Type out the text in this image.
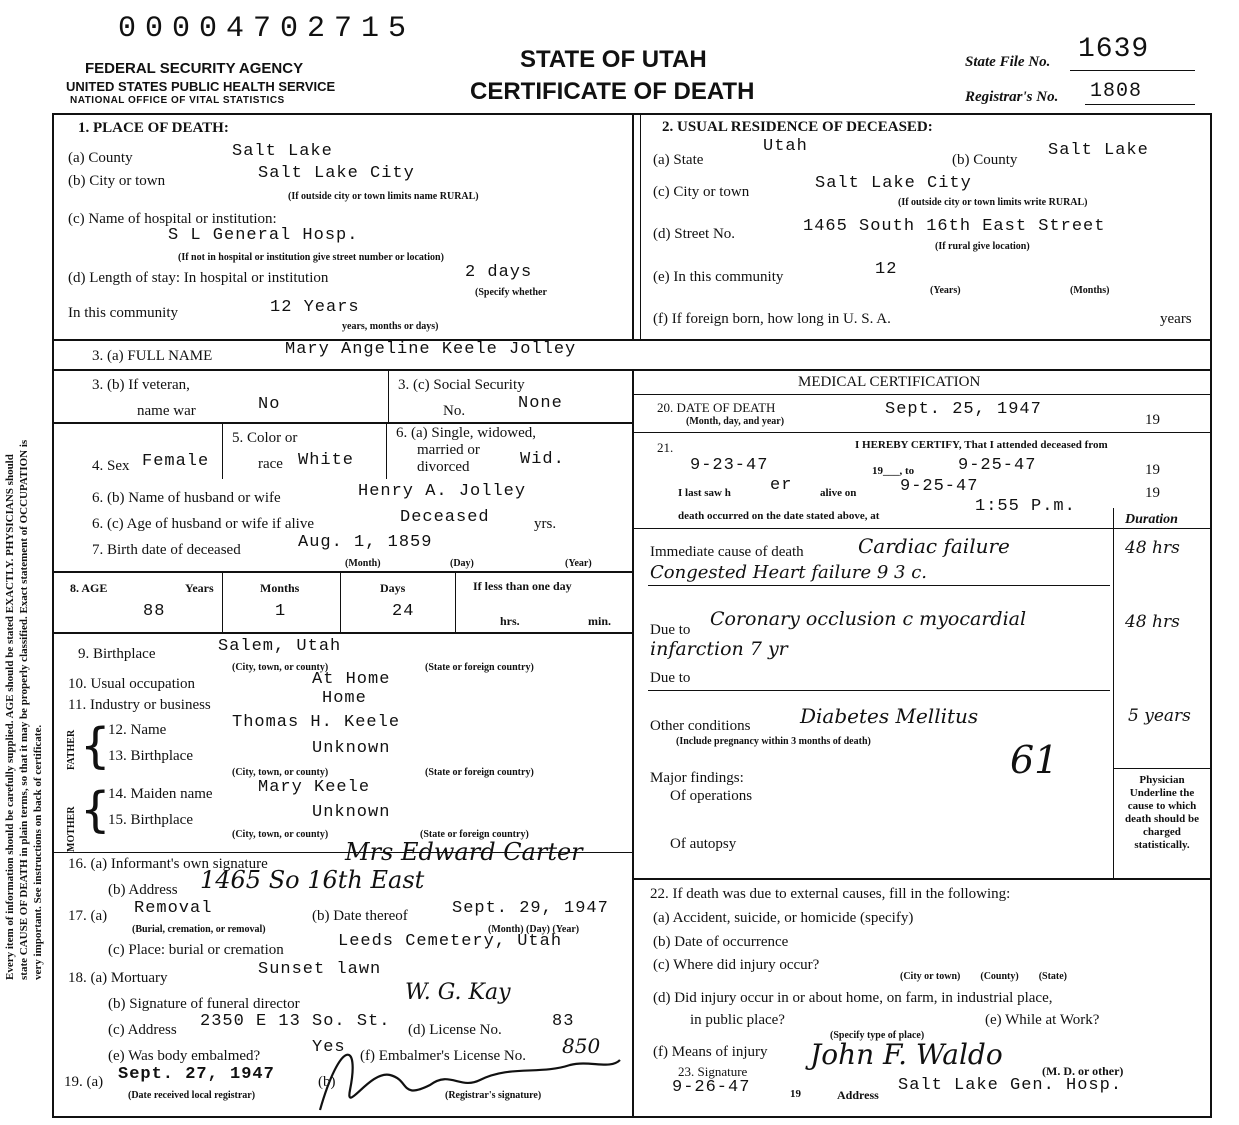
00004702715
FEDERAL SECURITY AGENCY
UNITED STATES PUBLIC HEALTH SERVICE
NATIONAL OFFICE OF VITAL STATISTICS
STATE OF UTAH
CERTIFICATE OF DEATH
State File No. 1639
Registrar's No. 1808
Every item of information should be carefully supplied. AGE should be stated EXACTLY. PHYSICIANS should state CAUSE OF DEATH in plain terms, so that it may be properly classified. Exact statement of OCCUPATION is very important. See instructions on back of certificate.
1. PLACE OF DEATH:
(a) County	Salt Lake
(b) City or town	Salt Lake City
(If outside city or town limits name RURAL)
(c) Name of hospital or institution:
S L General Hosp.
(If not in hospital or institution give street number or location)
(d) Length of stay: In hospital or institution	2 days
(Specify whether
In this community	12 Years
years, months or days)
2. USUAL RESIDENCE OF DECEASED:
(a) State
Utah
(b) County Salt Lake
(c) City or town	Salt Lake City
(If outside city or town limits write RURAL)
(d) Street No.	1465 South 16th East Street
(If rural give location)
(e) In this community	12
(Years)	(Months)
(f) If foreign born, how long in U. S. A.	years
3. (a) FULL NAME	Mary Angeline Keele Jolley
3. (b) If veteran,
name war	No
3. (c) Social Security
No.	None
4. Sex Female
5. Color or
race White
6. (a) Single, widowed,
married or
divorced	Wid.
6. (b) Name of husband or wife	Henry A. Jolley
6. (c) Age of husband or wife if alive	Deceased	yrs.
7. Birth date of deceased	Aug. 1, 1859
(Month)	(Day)	(Year)
8. AGE	Years	Months	Days	If less than one day
88	1	24	hrs.	min.
9. Birthplace	Salem, Utah
(City, town, or county)	(State or foreign country)
10. Usual occupation	At Home
11. Industry or business	Home
FATHER
MOTHER
{
{
12. Name	Thomas H. Keele
13. Birthplace	Unknown
(City, town, or county)	(State or foreign country)
14. Maiden name	Mary Keele
15. Birthplace	Unknown
(City, town, or county)	(State or foreign country)
16. (a) Informant's own signature	Mrs Edward Carter
(b) Address 1465 So 16th East
17. (a) Removal
(Burial, cremation, or removal)
(b) Date thereof	Sept. 29, 1947
(Month) (Day) (Year)
(c) Place: burial or cremation	Leeds Cemetery, Utah
18. (a) Mortuary	Sunset lawn
(b) Signature of funeral director	W. G. Kay
(c) Address 2350 E 13 So. St. (d) License No.	83
(e) Was body embalmed?	Yes (f) Embalmer's License No. 850
19. (a) Sept. 27, 1947
(Date received local registrar)
(b)
(Registrar's signature)
MEDICAL CERTIFICATION
20. DATE OF DEATH
(Month, day, and year)
Sept. 25, 1947
19
21.	I HEREBY CERTIFY, That I attended deceased from
9-23-47	19___, to	9-25-47	19
I last saw h er	alive on	9-25-47	19
death occurred on the date stated above, at	1:55 P.m.
Duration
Immediate cause of death	Cardiac failure
Congested Heart failure 9 3 c.
48 hrs
Due to Coronary occlusion c myocardial
infarction 7 yr
48 hrs
Due to
Other conditions Diabetes Mellitus	5 years
(Include pregnancy within 3 months of death)	61
Major findings:
Of operations
Of autopsy
Physician Underline the cause to which death should be charged statistically.
22. If death was due to external causes, fill in the following:
(a) Accident, suicide, or homicide (specify)
(b) Date of occurrence
(c) Where did injury occur?
(City or town)        (County)        (State)
(d) Did injury occur in or about home, on farm, in industrial place,
in public place?
(Specify type of place)
(e) While at Work?
(f) Means of injury
23. Signature
John F. Waldo	(M. D. or other)
9-26-47	19	Address Salt Lake Gen. Hosp.
